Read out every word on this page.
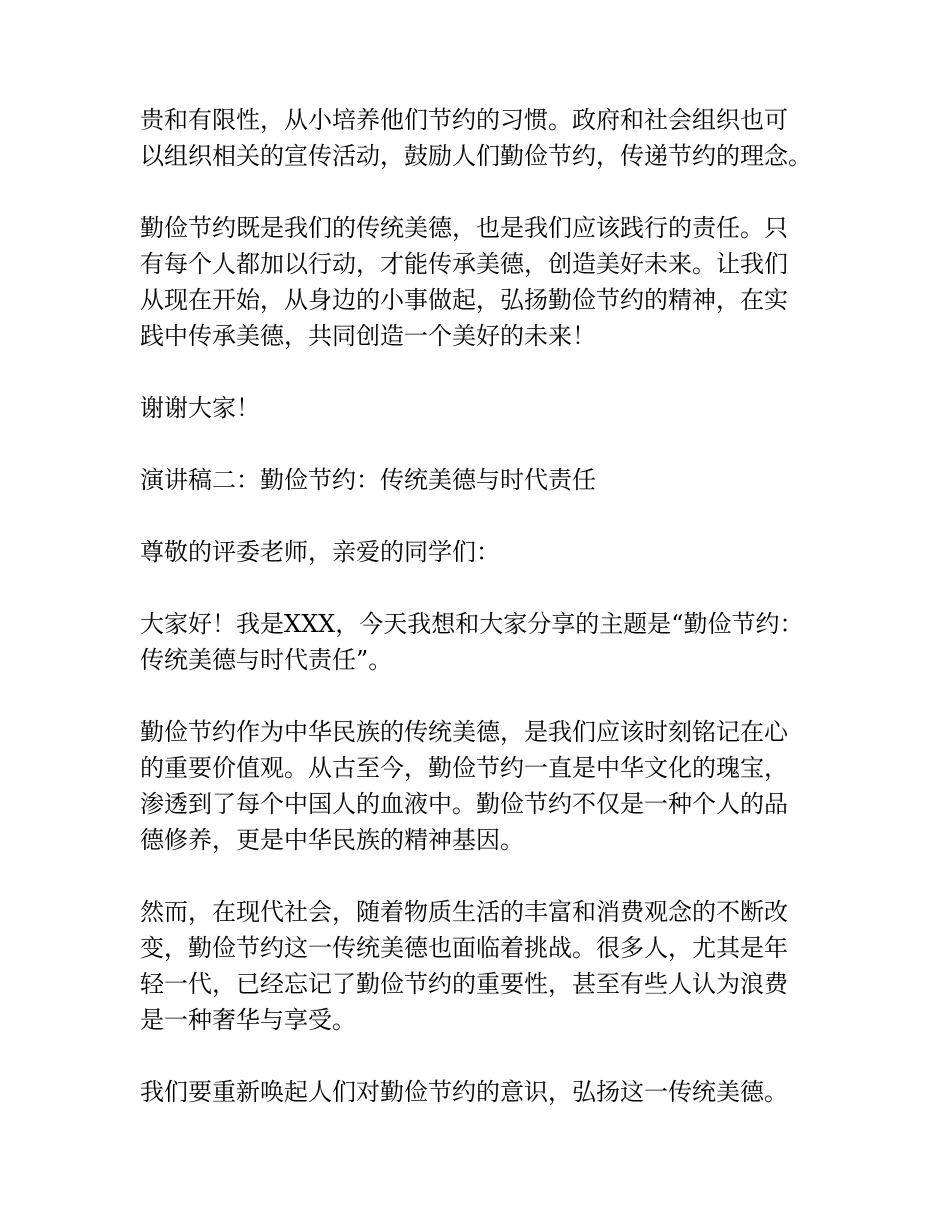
贵和有限性，从小培养他们节约的习惯。政府和社会组织也可
以组织相关的宣传活动，鼓励人们勤俭节约，传递节约的理念。
勤俭节约既是我们的传统美德，也是我们应该践行的责任。只
有每个人都加以行动，才能传承美德，创造美好未来。让我们
从现在开始，从身边的小事做起，弘扬勤俭节约的精神，在实
践中传承美德，共同创造一个美好的未来！
谢谢大家！
演讲稿二：勤俭节约：传统美德与时代责任
尊敬的评委老师，亲爱的同学们：
大家好！我是XXX，今天我想和大家分享的主题是“勤俭节约：
传统美德与时代责任”。
勤俭节约作为中华民族的传统美德，是我们应该时刻铭记在心
的重要价值观。从古至今，勤俭节约一直是中华文化的瑰宝，
渗透到了每个中国人的血液中。勤俭节约不仅是一种个人的品
德修养，更是中华民族的精神基因。
然而，在现代社会，随着物质生活的丰富和消费观念的不断改
变，勤俭节约这一传统美德也面临着挑战。很多人，尤其是年
轻一代，已经忘记了勤俭节约的重要性，甚至有些人认为浪费
是一种奢华与享受。
我们要重新唤起人们对勤俭节约的意识，弘扬这一传统美德。
